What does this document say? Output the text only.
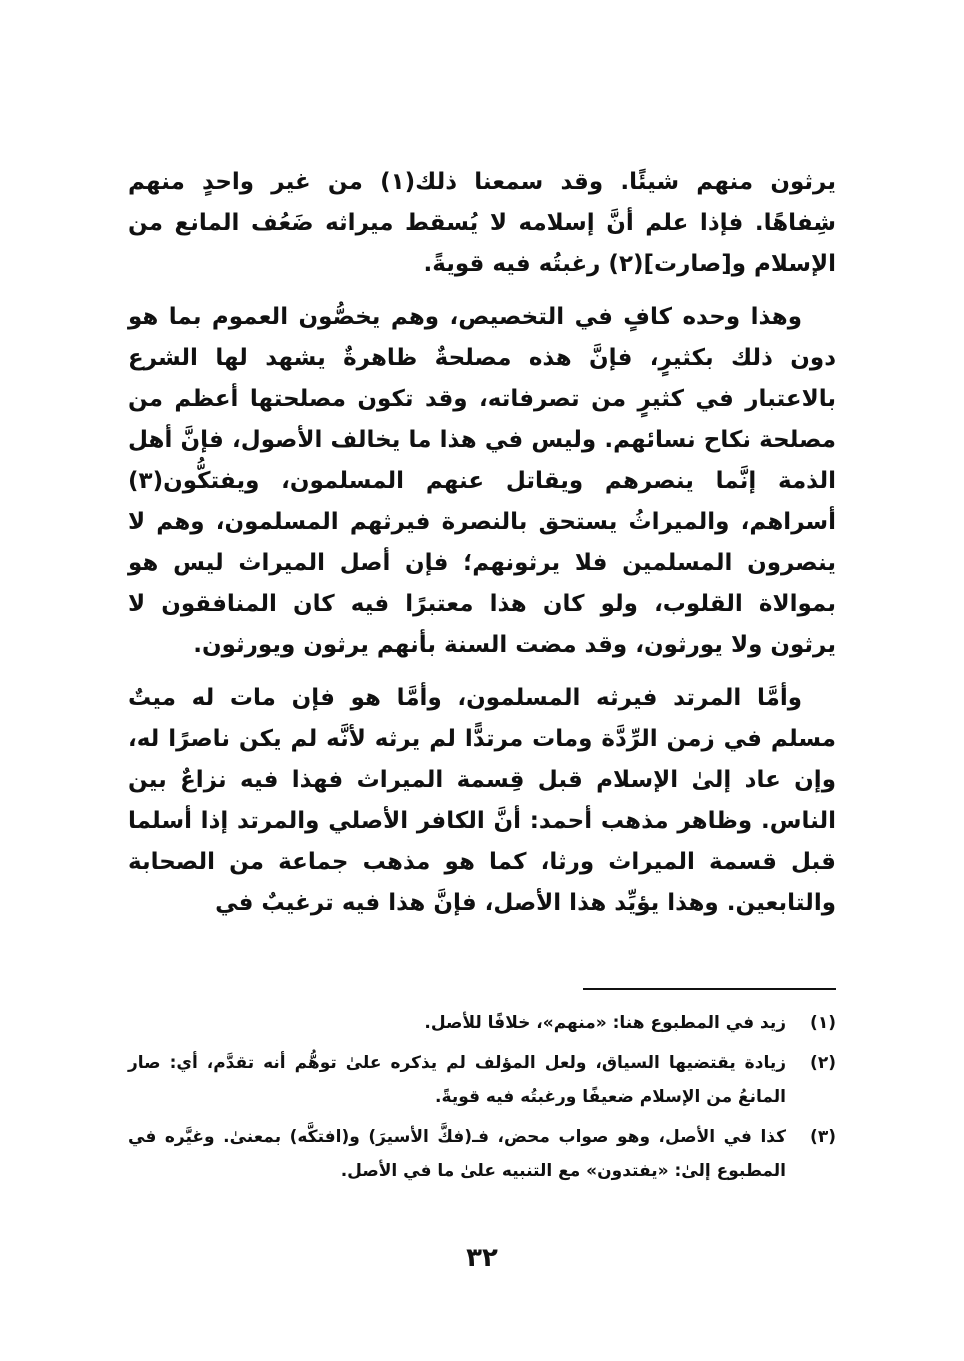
يرثون منهم شيئًا. وقد سمعنا ذلك(١) من غير واحدٍ منهم شِفاهًا. فإذا علم أنَّ إسلامه لا يُسقط ميراثه ضَعُف المانع من الإسلام و[صارت](٢) رغبتُه فيه قويةً.

وهذا وحده كافٍ في التخصيص، وهم يخصُّون العموم بما هو دون ذلك بكثيرٍ، فإنَّ هذه مصلحةٌ ظاهرةٌ يشهد لها الشرع بالاعتبار في كثيرٍ من تصرفاته، وقد تكون مصلحتها أعظم من مصلحة نكاح نسائهم. وليس في هذا ما يخالف الأصول، فإنَّ أهل الذمة إنَّما ينصرهم ويقاتل عنهم المسلمون، ويفتكُّون(٣) أسراهم، والميراثُ يستحق بالنصرة فيرثهم المسلمون، وهم لا ينصرون المسلمين فلا يرثونهم؛ فإن أصل الميراث ليس هو بموالاة القلوب، ولو كان هذا معتبرًا فيه كان المنافقون لا يرثون ولا يورثون، وقد مضت السنة بأنهم يرثون ويورثون.

وأمَّا المرتد فيرثه المسلمون، وأمَّا هو فإن مات له ميتٌ مسلم في زمن الرِّدَّة ومات مرتدًّا لم يرثه لأنَّه لم يكن ناصرًا له، وإن عاد إلىٰ الإسلام قبل قِسمة الميراث فهذا فيه نزاعٌ بين الناس. وظاهر مذهب أحمد: أنَّ الكافر الأصلي والمرتد إذا أسلما قبل قسمة الميراث ورثا، كما هو مذهب جماعة من الصحابة والتابعين. وهذا يؤيِّد هذا الأصل، فإنَّ هذا فيه ترغيبٌ في

(١)
زيد في المطبوع هنا: «منهم»، خلافًا للأصل.
(٢)
زيادة يقتضيها السياق، ولعل المؤلف لم يذكره علىٰ توهُّم أنه تقدَّم، أي: صار المانعُ من الإسلام ضعيفًا ورغبتُه فيه قويةً.
(٣)
كذا في الأصل، وهو صواب محض، فـ(فكَّ الأسيرَ) و(افتكَّه) بمعنىٰ. وغيَّره في المطبوع إلىٰ: «يفتدون» مع التنبيه علىٰ ما في الأصل.
٣٢
